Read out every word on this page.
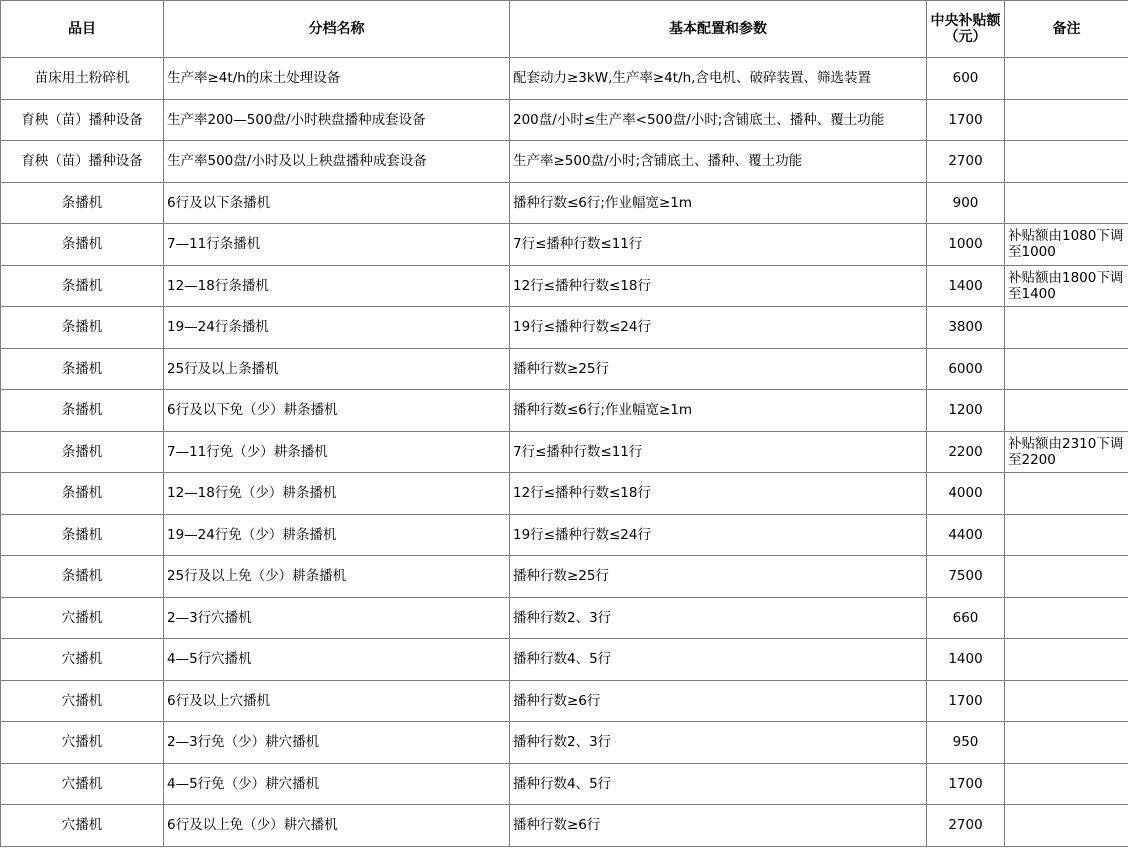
品目	分档名称	基本配置和参数	中央补贴额（元）	备注
苗床用土粉碎机	生产率≥4t/h的床土处理设备	配套动力≥3kW,生产率≥4t/h,含电机、破碎装置、筛选装置	600	
育秧（苗）播种设备	生产率200—500盘/小时秧盘播种成套设备	200盘/小时≤生产率<500盘/小时;含铺底土、播种、覆土功能	1700	
育秧（苗）播种设备	生产率500盘/小时及以上秧盘播种成套设备	生产率≥500盘/小时;含铺底土、播种、覆土功能	2700	
条播机	6行及以下条播机	播种行数≤6行;作业幅宽≥1m	900	
条播机	7—11行条播机	7行≤播种行数≤11行	1000	补贴额由1080下调至1000
条播机	12—18行条播机	12行≤播种行数≤18行	1400	补贴额由1800下调至1400
条播机	19—24行条播机	19行≤播种行数≤24行	3800	
条播机	25行及以上条播机	播种行数≥25行	6000	
条播机	6行及以下免（少）耕条播机	播种行数≤6行;作业幅宽≥1m	1200	
条播机	7—11行免（少）耕条播机	7行≤播种行数≤11行	2200	补贴额由2310下调至2200
条播机	12—18行免（少）耕条播机	12行≤播种行数≤18行	4000	
条播机	19—24行免（少）耕条播机	19行≤播种行数≤24行	4400	
条播机	25行及以上免（少）耕条播机	播种行数≥25行	7500	
穴播机	2—3行穴播机	播种行数2、3行	660	
穴播机	4—5行穴播机	播种行数4、5行	1400	
穴播机	6行及以上穴播机	播种行数≥6行	1700	
穴播机	2—3行免（少）耕穴播机	播种行数2、3行	950	
穴播机	4—5行免（少）耕穴播机	播种行数4、5行	1700	
穴播机	6行及以上免（少）耕穴播机	播种行数≥6行	2700	
